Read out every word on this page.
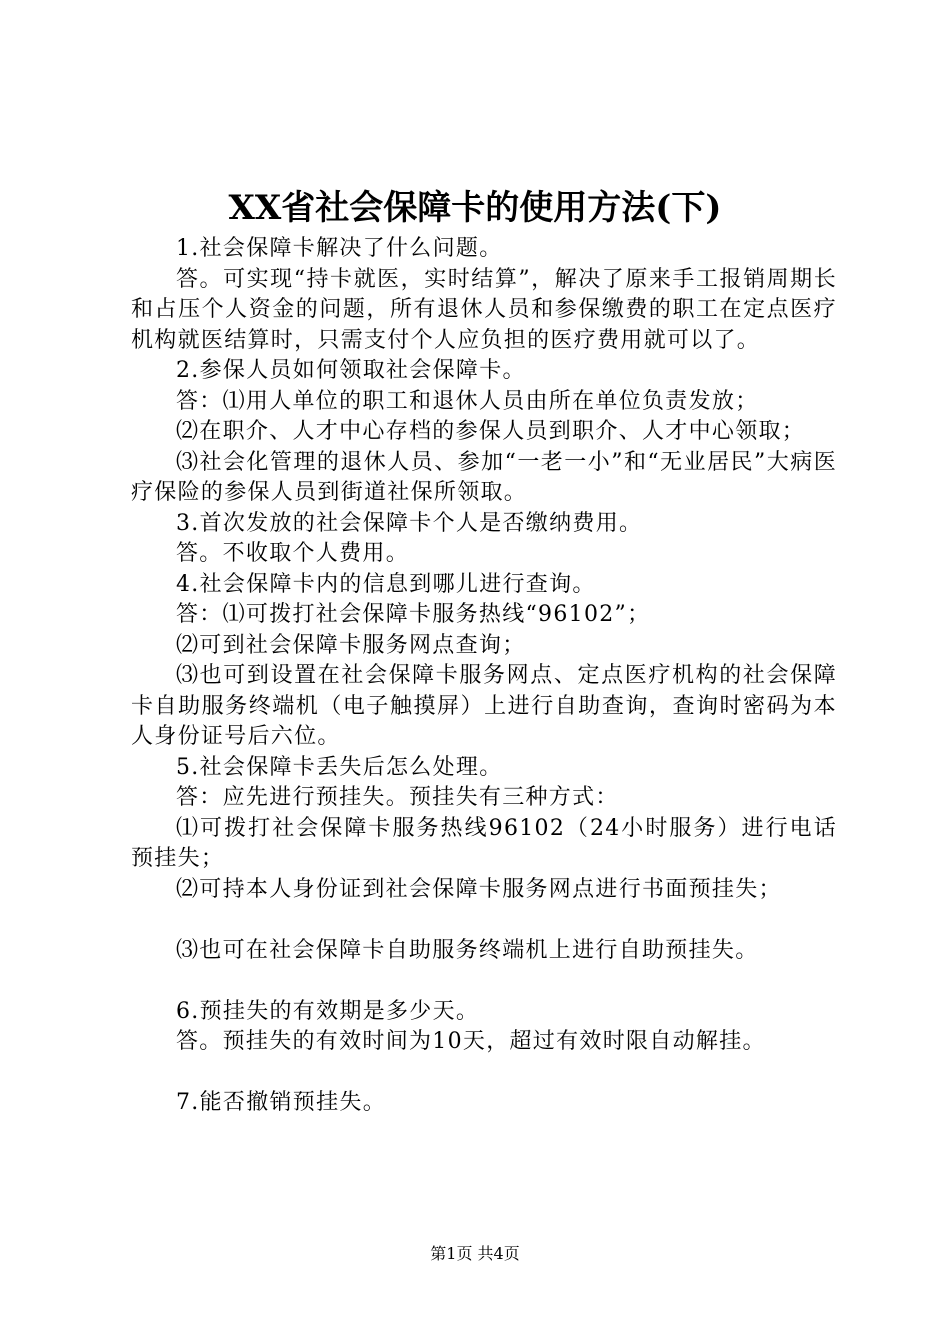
XX省社会保障卡的使用方法(下)

1.社会保障卡解决了什么问题。

答。可实现“持卡就医，实时结算”，解决了原来手工报销周期长和占压个人资金的问题，所有退休人员和参保缴费的职工在定点医疗机构就医结算时，只需支付个人应负担的医疗费用就可以了。

2.参保人员如何领取社会保障卡。

答：⑴用人单位的职工和退休人员由所在单位负责发放；

⑵在职介、人才中心存档的参保人员到职介、人才中心领取；

⑶社会化管理的退休人员、参加“一老一小”和“无业居民”大病医疗保险的参保人员到街道社保所领取。

3.首次发放的社会保障卡个人是否缴纳费用。

答。不收取个人费用。

4.社会保障卡内的信息到哪儿进行查询。

答：⑴可拨打社会保障卡服务热线“96102”；

⑵可到社会保障卡服务网点查询；

⑶也可到设置在社会保障卡服务网点、定点医疗机构的社会保障卡自助服务终端机（电子触摸屏）上进行自助查询，查询时密码为本人身份证号后六位。

5.社会保障卡丢失后怎么处理。

答：应先进行预挂失。预挂失有三种方式：

⑴可拨打社会保障卡服务热线96102（24小时服务）进行电话预挂失；

⑵可持本人身份证到社会保障卡服务网点进行书面预挂失；

⑶也可在社会保障卡自助服务终端机上进行自助预挂失。

6.预挂失的有效期是多少天。

答。预挂失的有效时间为10天，超过有效时限自动解挂。

7.能否撤销预挂失。

第1页 共4页
